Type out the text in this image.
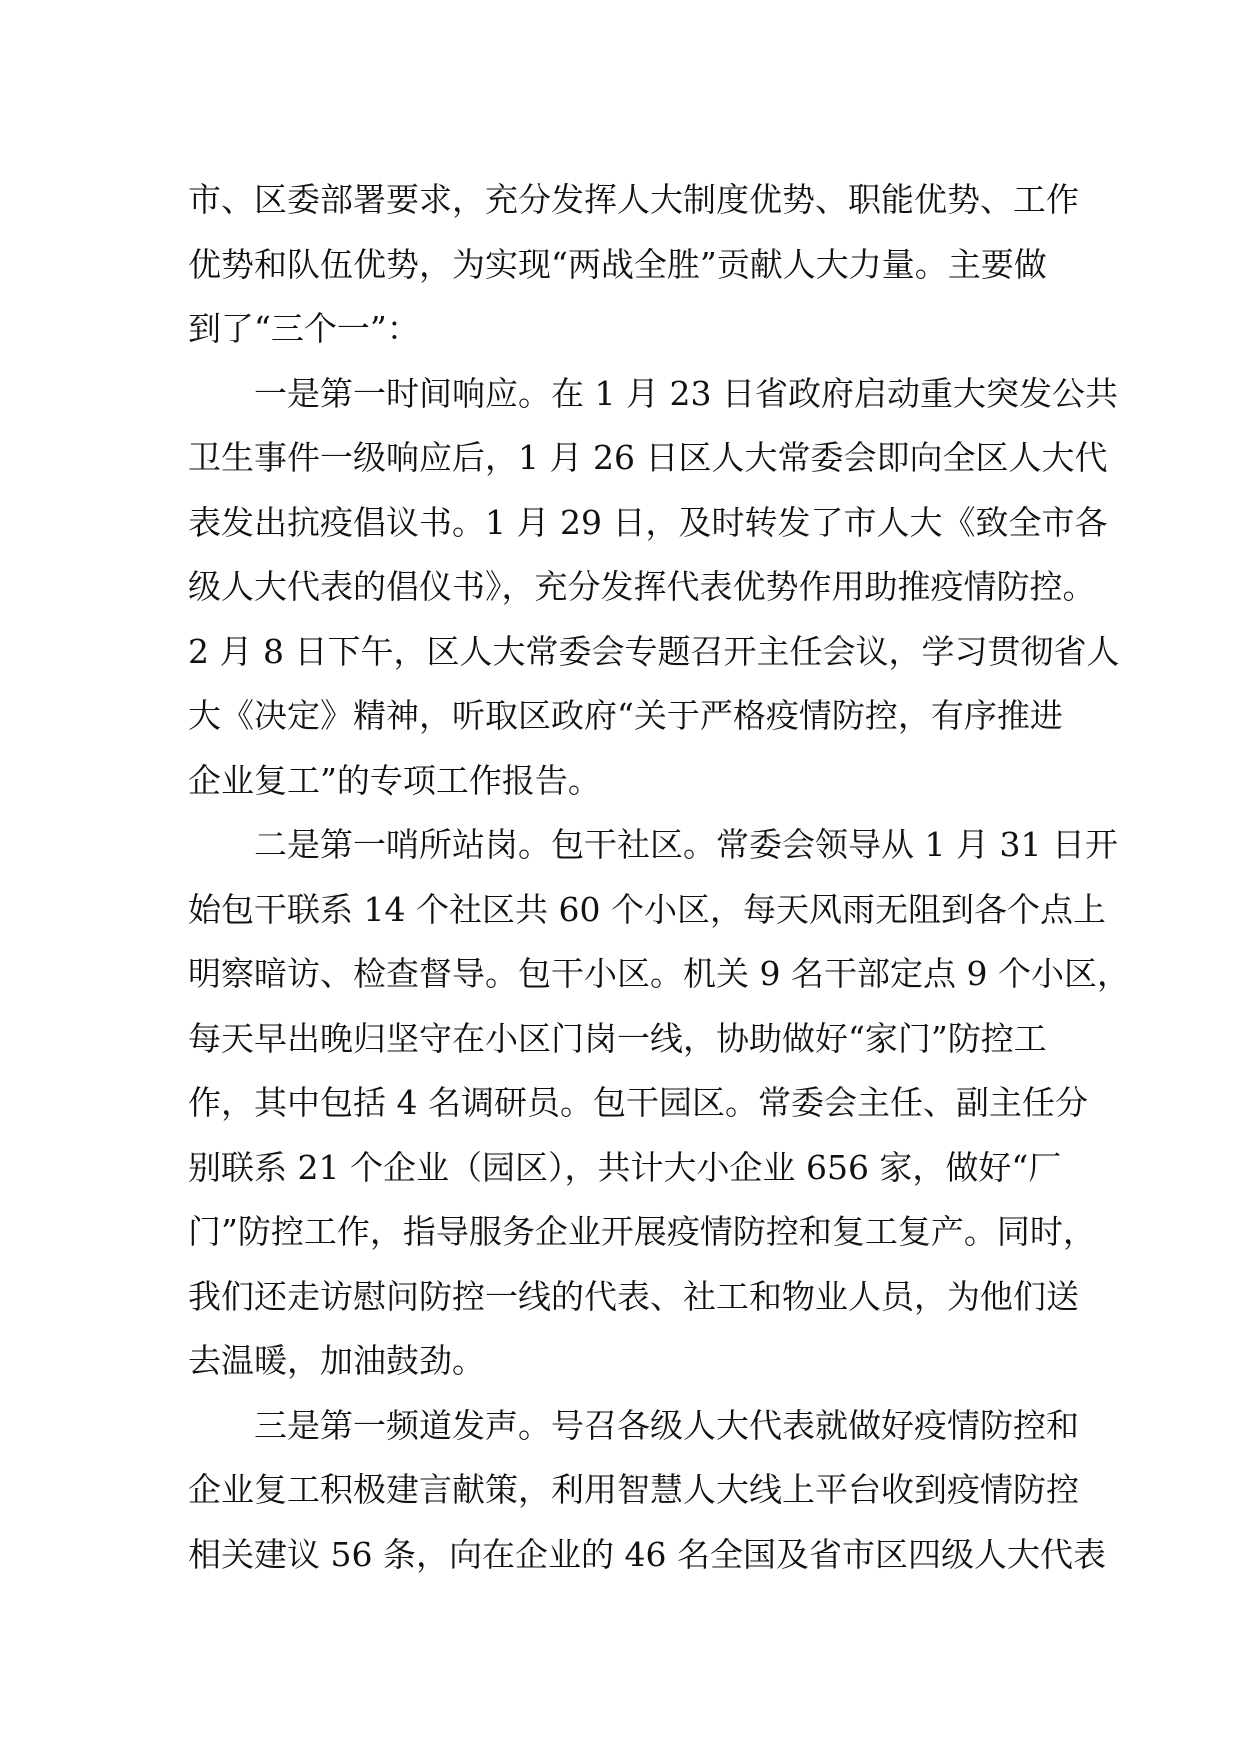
市、区委部署要求，充分发挥人大制度优势、职能优势、工作
优势和队伍优势，为实现“两战全胜”贡献人大力量。主要做
到了“三个一”：
　　一是第一时间响应。在 1 月 23 日省政府启动重大突发公共
卫生事件一级响应后，1 月 26 日区人大常委会即向全区人大代
表发出抗疫倡议书。1 月 29 日，及时转发了市人大《致全市各
级人大代表的倡仪书》，充分发挥代表优势作用助推疫情防控。
2 月 8 日下午，区人大常委会专题召开主任会议，学习贯彻省人
大《决定》精神，听取区政府“关于严格疫情防控，有序推进
企业复工”的专项工作报告。
　　二是第一哨所站岗。包干社区。常委会领导从 1 月 31 日开
始包干联系 14 个社区共 60 个小区，每天风雨无阻到各个点上
明察暗访、检查督导。包干小区。机关 9 名干部定点 9 个小区，
每天早出晚归坚守在小区门岗一线，协助做好“家门”防控工
作，其中包括 4 名调研员。包干园区。常委会主任、副主任分
别联系 21 个企业（园区），共计大小企业 656 家，做好“厂
门”防控工作，指导服务企业开展疫情防控和复工复产。同时，
我们还走访慰问防控一线的代表、社工和物业人员，为他们送
去温暖，加油鼓劲。
　　三是第一频道发声。号召各级人大代表就做好疫情防控和
企业复工积极建言献策，利用智慧人大线上平台收到疫情防控
相关建议 56 条，向在企业的 46 名全国及省市区四级人大代表
